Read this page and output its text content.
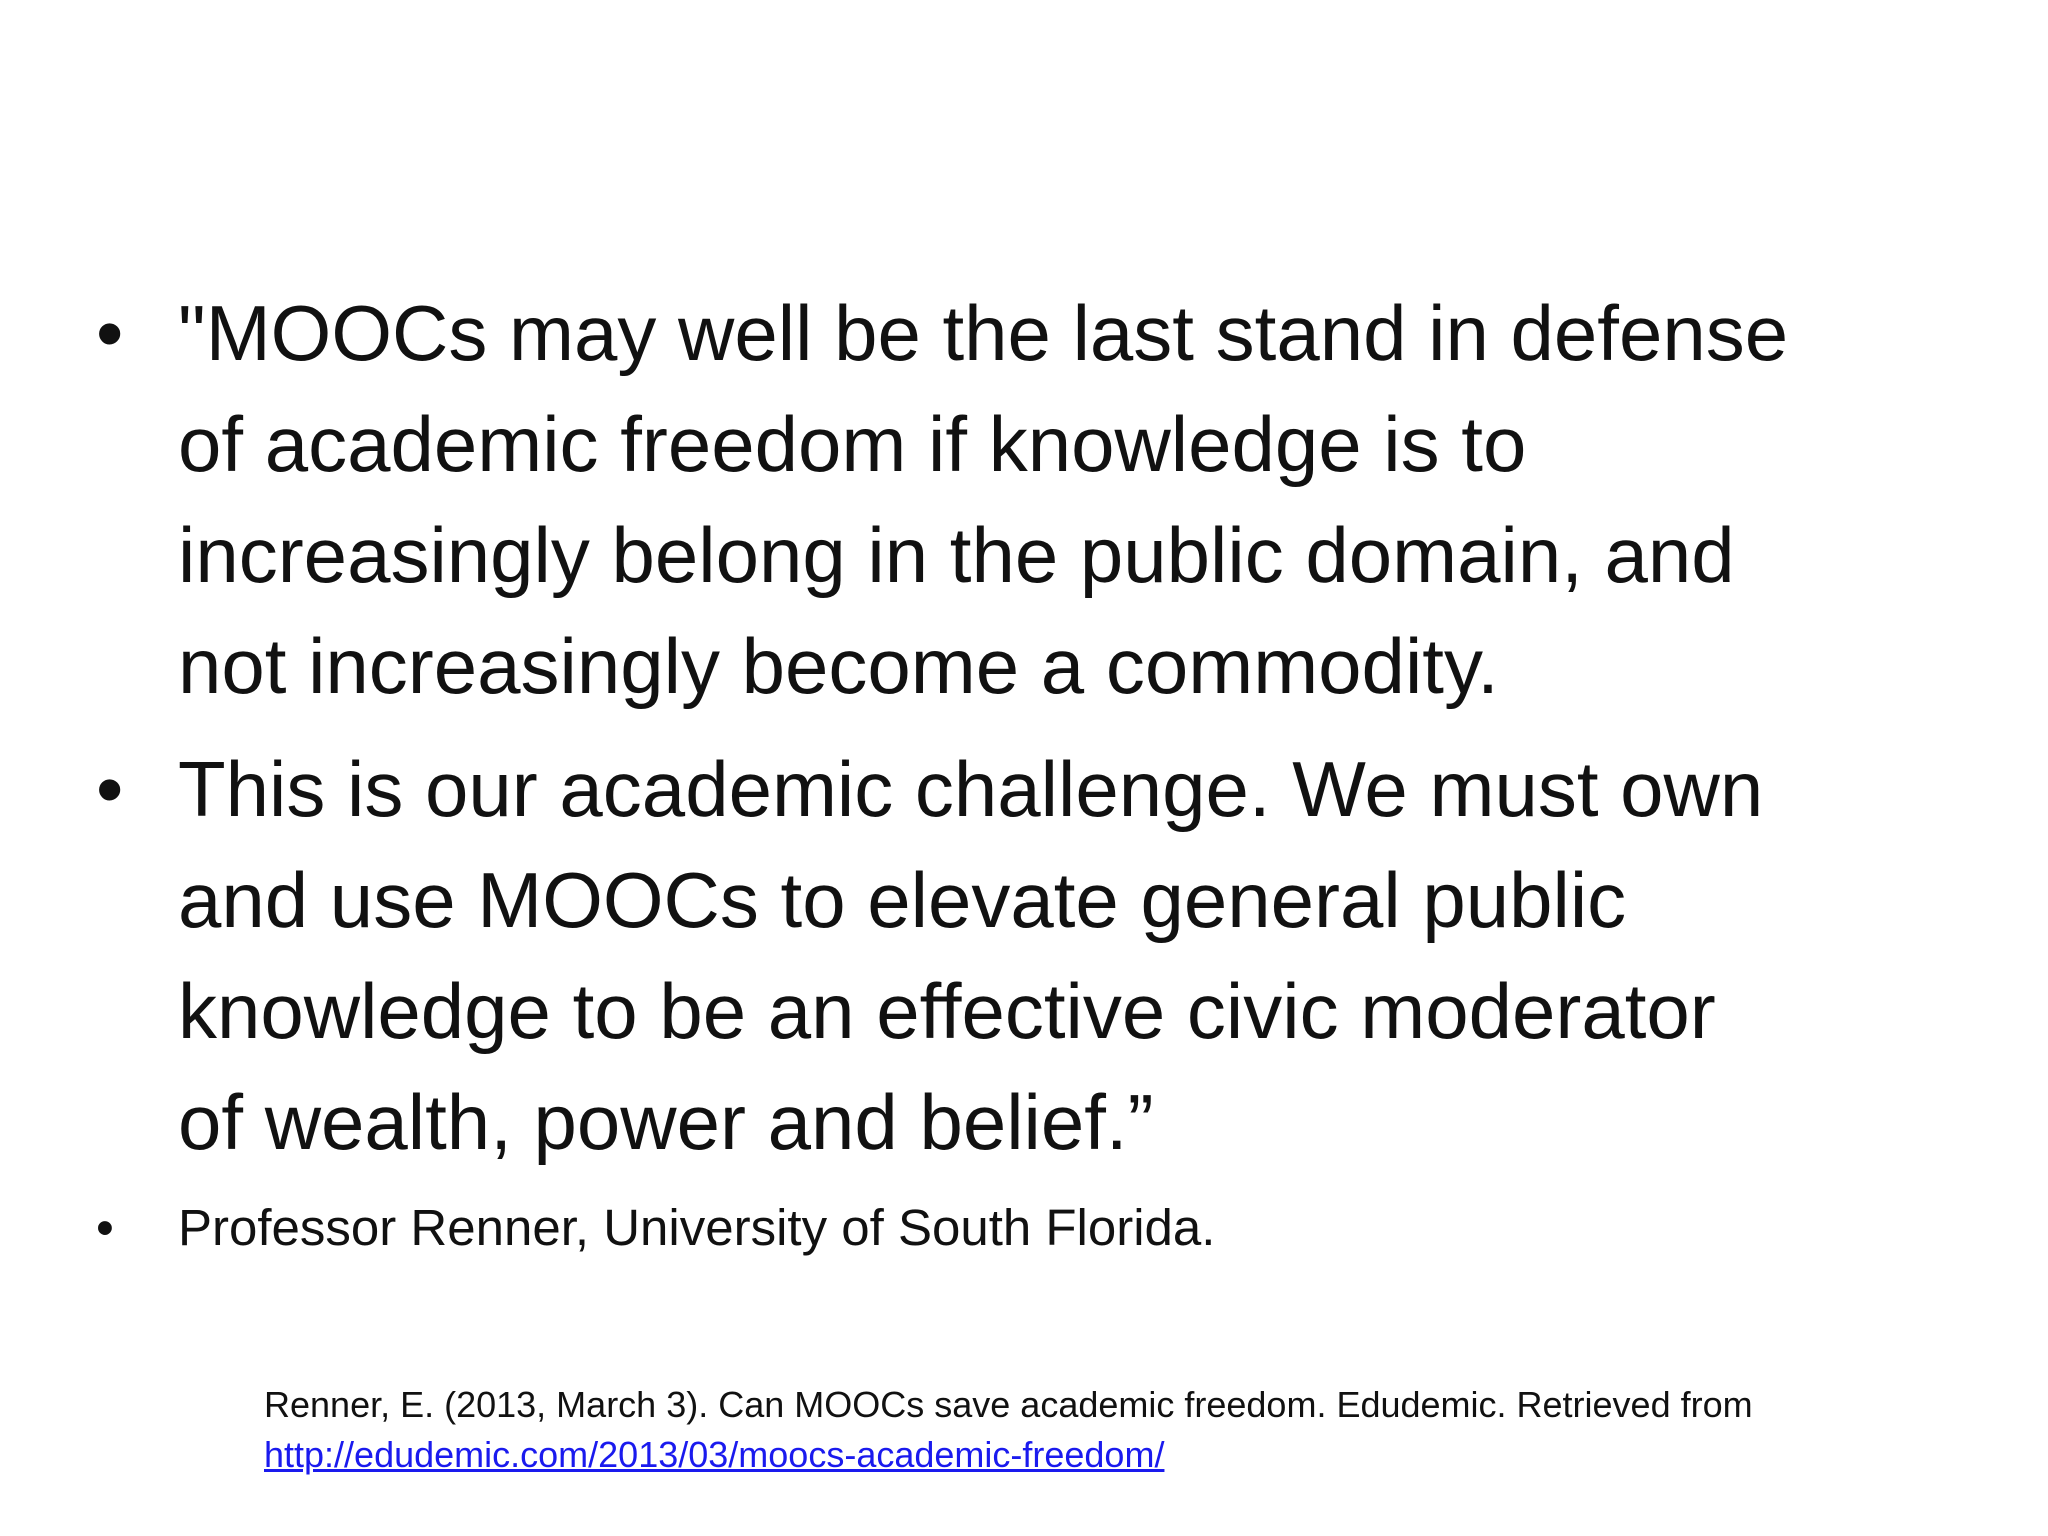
• "MOOCs may well be the last stand in defense
of academic freedom if knowledge is to
increasingly belong in the public domain, and
not increasingly become a commodity.
• This is our academic challenge. We must own
and use MOOCs to elevate general public
knowledge to be an effective civic moderator
of wealth, power and belief.”
• Professor Renner, University of South Florida.
Renner, E. (2013, March 3). Can MOOCs save academic freedom. Edudemic. Retrieved from
http://edudemic.com/2013/03/moocs-academic-freedom/
